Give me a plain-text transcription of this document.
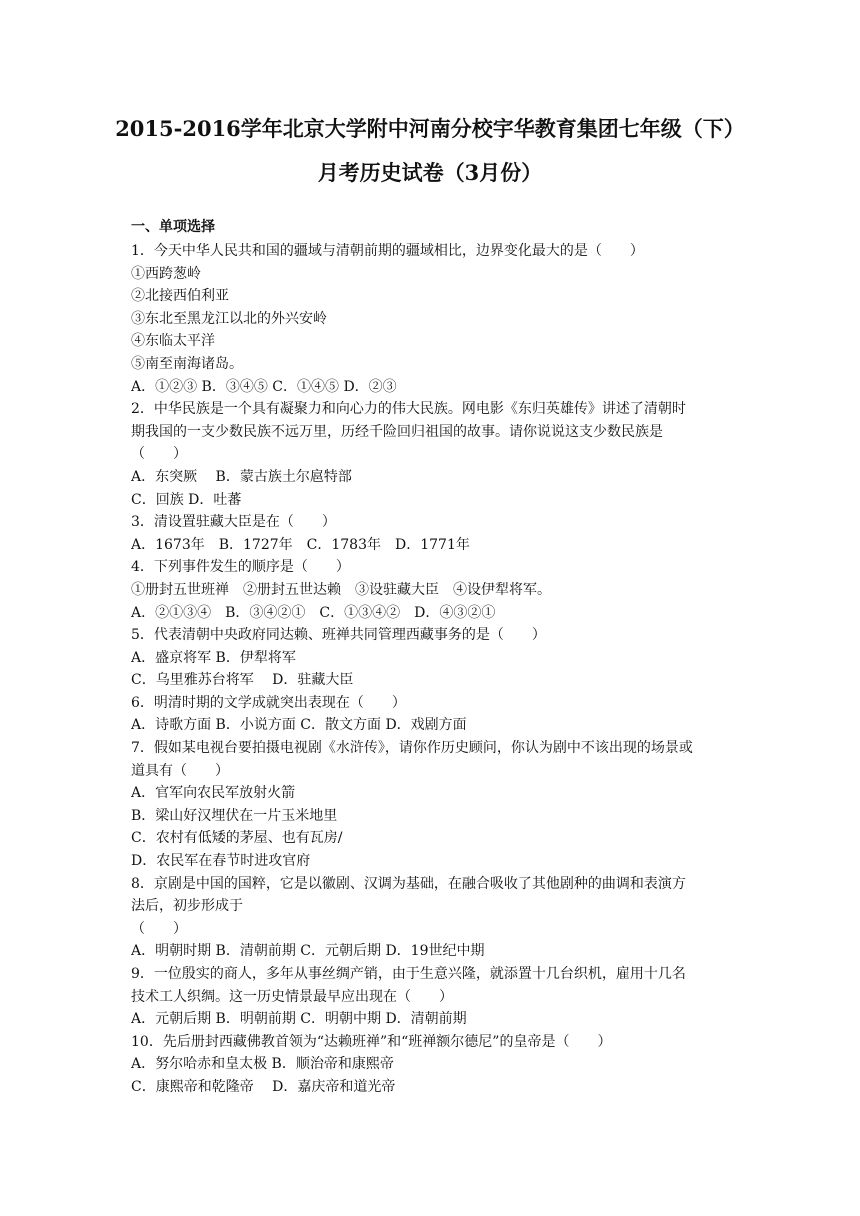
2015-2016学年北京大学附中河南分校宇华教育集团七年级（下）
月考历史试卷（3月份）
一、单项选择
1．今天中华人民共和国的疆域与清朝前期的疆域相比，边界变化最大的是（　　）
①西跨葱岭
②北接西伯利亚
③东北至黑龙江以北的外兴安岭
④东临太平洋
⑤南至南海诸岛。
A．①②③ B．③④⑤ C．①④⑤ D．②③
2．中华民族是一个具有凝聚力和向心力的伟大民族。网电影《东归英雄传》讲述了清朝时
期我国的一支少数民族不远万里，历经千险回归祖国的故事。请你说说这支少数民族是
（　　）
A．东突厥　 B．蒙古族土尔扈特部
C．回族 D．吐蕃
3．清设置驻藏大臣是在（　　）
A．1673年　B．1727年　C．1783年　D．1771年
4．下列事件发生的顺序是（　　）
①册封五世班禅　②册封五世达赖　③设驻藏大臣　④设伊犁将军。
A．②①③④　B．③④②①　C．①③④②　D．④③②①
5．代表清朝中央政府同达赖、班禅共同管理西藏事务的是（　　）
A．盛京将军 B．伊犁将军
C．乌里雅苏台将军　 D．驻藏大臣
6．明清时期的文学成就突出表现在（　　）
A．诗歌方面 B．小说方面 C．散文方面 D．戏剧方面
7．假如某电视台要拍摄电视剧《水浒传》，请你作历史顾问，你认为剧中不该出现的场景或
道具有（　　）
A．官军向农民军放射火箭
B．梁山好汉埋伏在一片玉米地里
C．农村有低矮的茅屋、也有瓦房/
D．农民军在春节时进攻官府
8．京剧是中国的国粹，它是以徽剧、汉调为基础，在融合吸收了其他剧种的曲调和表演方
法后，初步形成于
（　　）
A．明朝时期 B．清朝前期 C．元朝后期 D．19世纪中期
9．一位殷实的商人，多年从事丝绸产销，由于生意兴隆，就添置十几台织机，雇用十几名
技术工人织绸。这一历史情景最早应出现在（　　）
A．元朝后期 B．明朝前期 C．明朝中期 D．清朝前期
10．先后册封西藏佛教首领为“达赖班禅”和“班禅额尔德尼”的皇帝是（　　）
A．努尔哈赤和皇太极 B．顺治帝和康熙帝
C．康熙帝和乾隆帝　 D．嘉庆帝和道光帝
